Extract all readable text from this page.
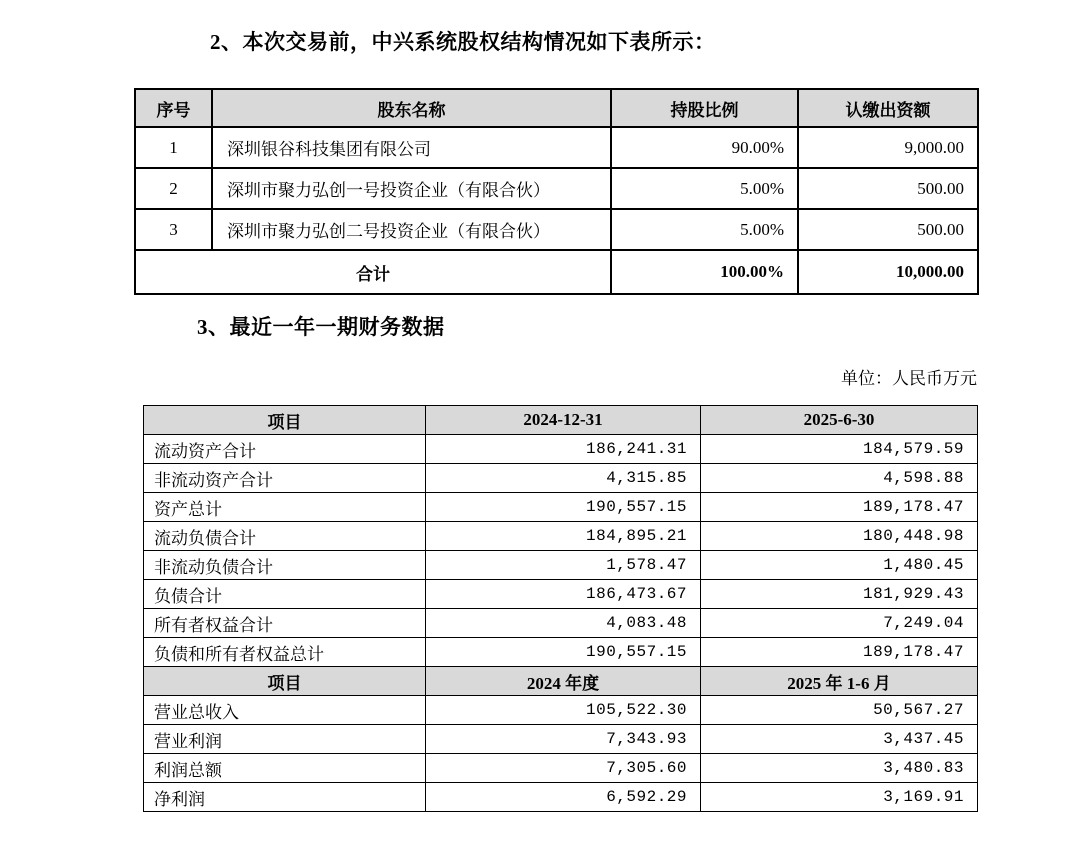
2、本次交易前，中兴系统股权结构情况如下表所示：
序号	股东名称	持股比例	认缴出资额
1	深圳银谷科技集团有限公司	90.00%	9,000.00
2	深圳市聚力弘创一号投资企业（有限合伙）	5.00%	500.00
3	深圳市聚力弘创二号投资企业（有限合伙）	5.00%	500.00
合计		100.00%	10,000.00
3、最近一年一期财务数据
单位：人民币万元
项目	2024-12-31	2025-6-30
流动资产合计	186,241.31	184,579.59
非流动资产合计	4,315.85	4,598.88
资产总计	190,557.15	189,178.47
流动负债合计	184,895.21	180,448.98
非流动负债合计	1,578.47	1,480.45
负债合计	186,473.67	181,929.43
所有者权益合计	4,083.48	7,249.04
负债和所有者权益总计	190,557.15	189,178.47
项目	2024 年度	2025 年 1-6 月
营业总收入	105,522.30	50,567.27
营业利润	7,343.93	3,437.45
利润总额	7,305.60	3,480.83
净利润	6,592.29	3,169.91
